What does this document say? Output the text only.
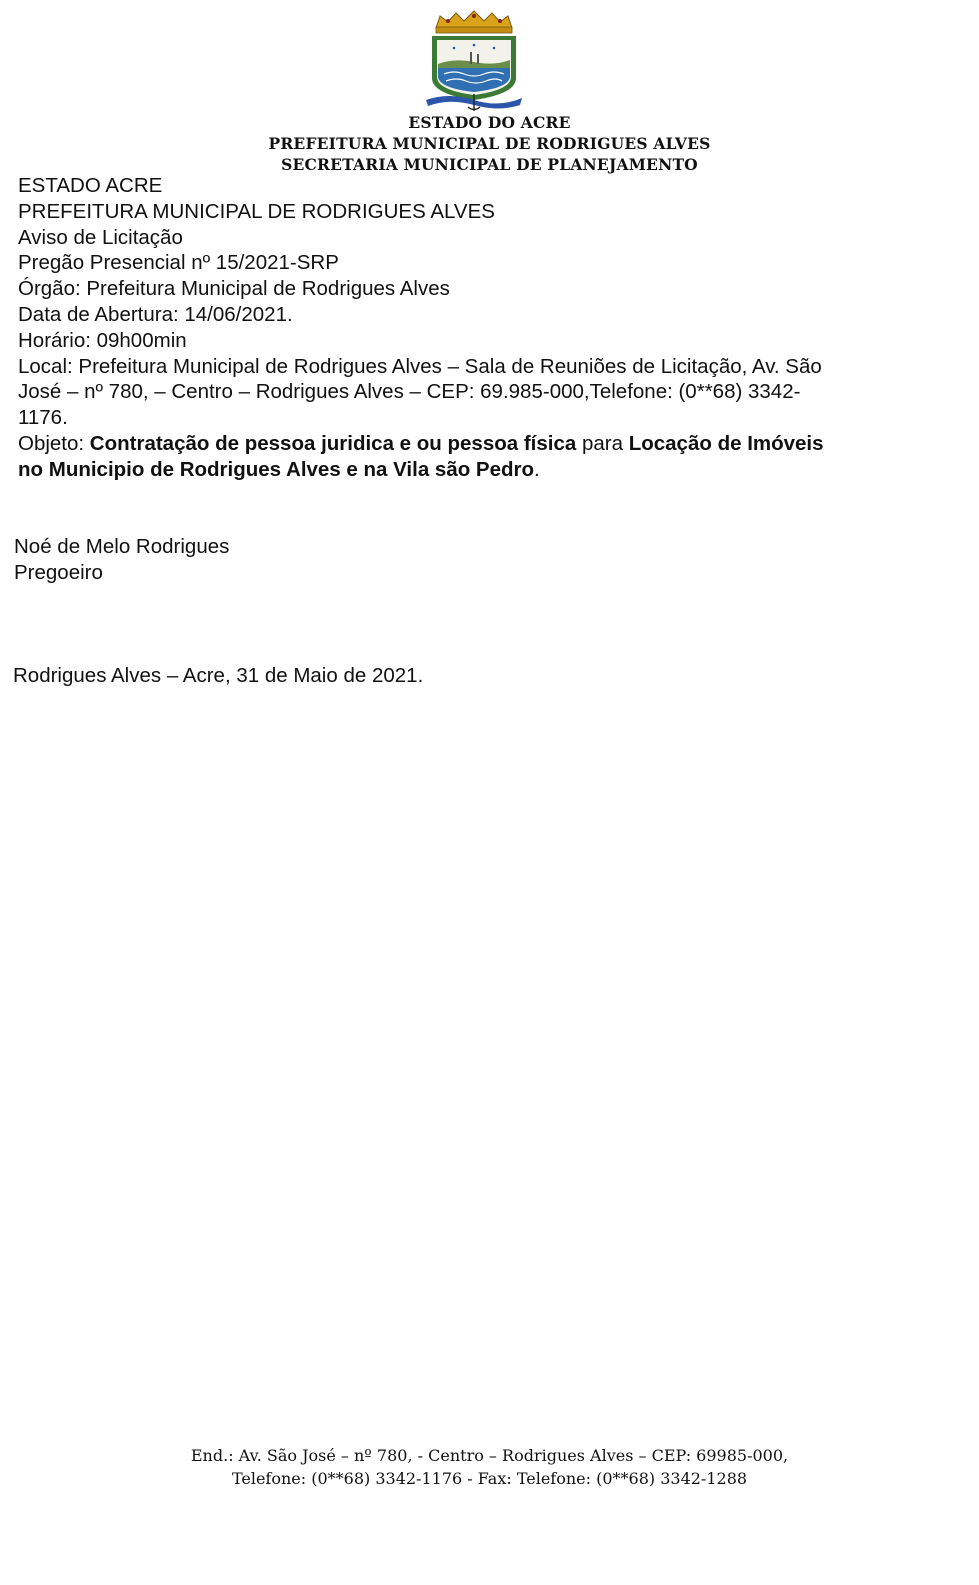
ESTADO DO ACRE
PREFEITURA MUNICIPAL DE RODRIGUES ALVES
SECRETARIA MUNICIPAL DE PLANEJAMENTO
ESTADO ACRE
PREFEITURA MUNICIPAL DE RODRIGUES ALVES
Aviso de Licitação
Pregão Presencial nº 15/2021-SRP
Órgão: Prefeitura Municipal de Rodrigues Alves
Data de Abertura: 14/06/2021.
Horário: 09h00min
Local: Prefeitura Municipal de Rodrigues Alves – Sala de Reuniões de Licitação, Av. São
José – nº 780, – Centro – Rodrigues Alves – CEP: 69.985-000,Telefone: (0**68) 3342-
1176.
Objeto: Contratação de pessoa juridica e ou pessoa física para Locação de Imóveis
no Municipio de Rodrigues Alves e na Vila são Pedro.
Noé de Melo Rodrigues
Pregoeiro
Rodrigues Alves – Acre, 31 de Maio de 2021.
End.: Av. São José – nº 780, - Centro – Rodrigues Alves – CEP: 69985-000,
Telefone: (0**68) 3342-1176 - Fax: Telefone: (0**68) 3342-1288
